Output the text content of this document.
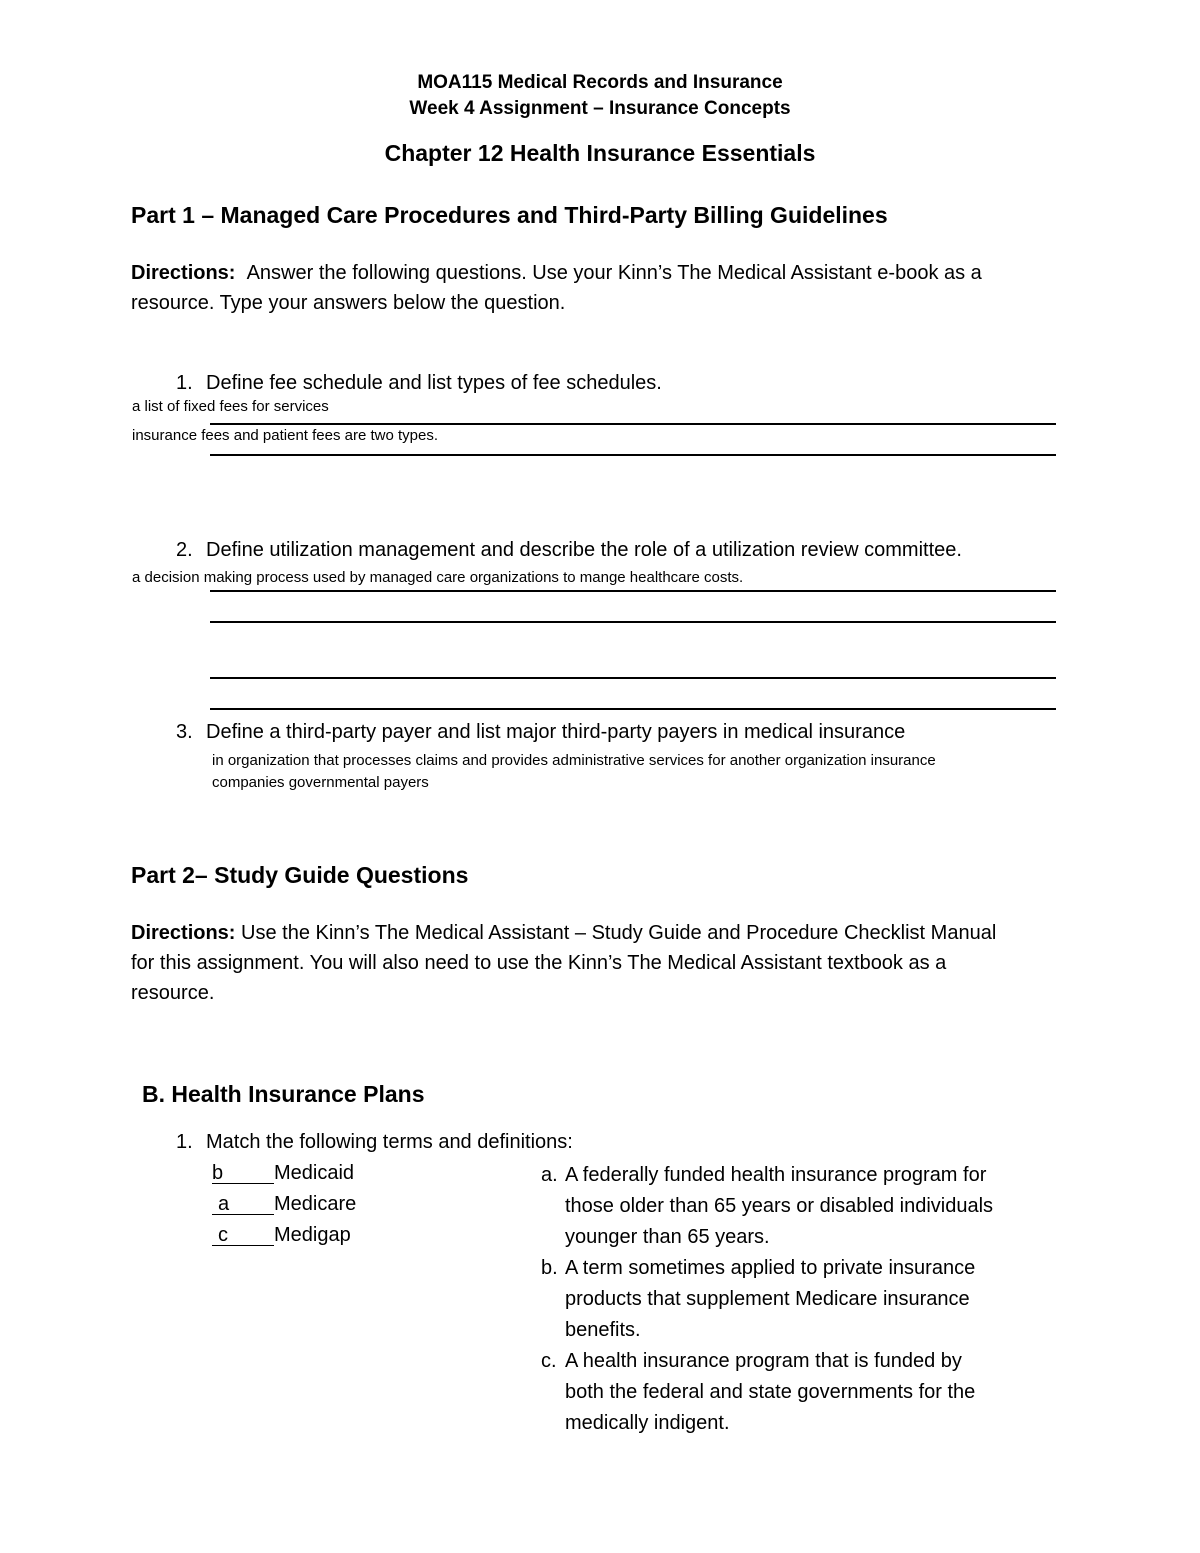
MOA115 Medical Records and Insurance
Week 4 Assignment – Insurance Concepts
Chapter 12 Health Insurance Essentials
Part 1 – Managed Care Procedures and Third-Party Billing Guidelines
Directions: Answer the following questions. Use your Kinn’s The Medical Assistant e-book as a
resource. Type your answers below the question.
1. Define fee schedule and list types of fee schedules.
a list of fixed fees for services
insurance fees and patient fees are two types.
2. Define utilization management and describe the role of a utilization review committee.
a decision making process used by managed care organizations to mange healthcare costs.
3. Define a third-party payer and list major third-party payers in medical insurance
in organization that processes claims and provides administrative services for another organization insurance
companies governmental payers
Part 2– Study Guide Questions
Directions: Use the Kinn’s The Medical Assistant – Study Guide and Procedure Checklist Manual
for this assignment. You will also need to use the Kinn’s The Medical Assistant textbook as a
resource.
B. Health Insurance Plans
1. Match the following terms and definitions:
b	Medicaid
a Medicare
c Medigap
a. A federally funded health insurance program for
those older than 65 years or disabled individuals
younger than 65 years.
b. A term sometimes applied to private insurance
products that supplement Medicare insurance
benefits.
c. A health insurance program that is funded by
both the federal and state governments for the
medically indigent.
